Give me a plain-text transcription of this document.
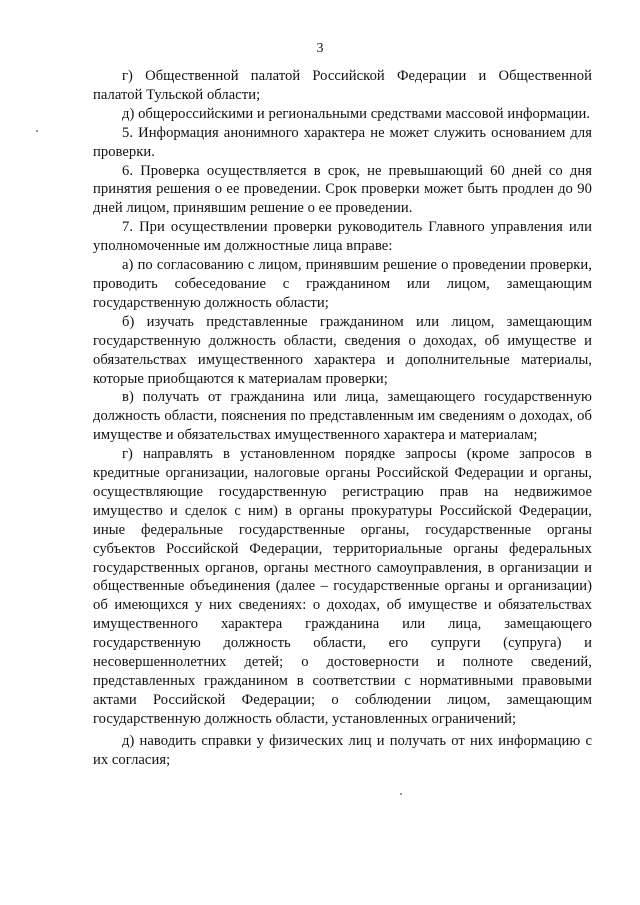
3

г) Общественной палатой Российской Федерации и Общественной палатой Тульской области;

д) общероссийскими и региональными средствами массовой информации.

5. Информация анонимного характера не может служить основанием для проверки.

6. Проверка осуществляется в срок, не превышающий 60 дней со дня принятия решения о ее проведении. Срок проверки может быть продлен до 90 дней лицом, принявшим решение о ее проведении.

7. При осуществлении проверки руководитель Главного управления или уполномоченные им должностные лица вправе:

а) по согласованию с лицом, принявшим решение о проведении проверки, проводить собеседование с гражданином или лицом, замещающим государственную должность области;

б) изучать представленные гражданином или лицом, замещающим государственную должность области, сведения о доходах, об имуществе и обязательствах имущественного характера и дополнительные материалы, которые приобщаются к материалам проверки;

в) получать от гражданина или лица, замещающего государственную должность области, пояснения по представленным им сведениям о доходах, об имуществе и обязательствах имущественного характера и материалам;

г) направлять в установленном порядке запросы (кроме запросов в кредитные организации, налоговые органы Российской Федерации и органы, осуществляющие государственную регистрацию прав на недвижимое имущество и сделок с ним) в органы прокуратуры Российской Федерации, иные федеральные государственные органы, государственные органы субъектов Российской Федерации, территориальные органы федеральных государственных органов, органы местного самоуправления, в организации и общественные объединения (далее – государственные органы и организации) об имеющихся у них сведениях: о доходах, об имуществе и обязательствах имущественного характера гражданина или лица, замещающего государственную должность области, его супруги (супруга) и несовершеннолетних детей; о достоверности и полноте сведений, представленных гражданином в соответствии с нормативными правовыми актами Российской Федерации; о соблюдении лицом, замещающим государственную должность области, установленных ограничений;

д) наводить справки у физических лиц и получать от них информацию с их согласия;
